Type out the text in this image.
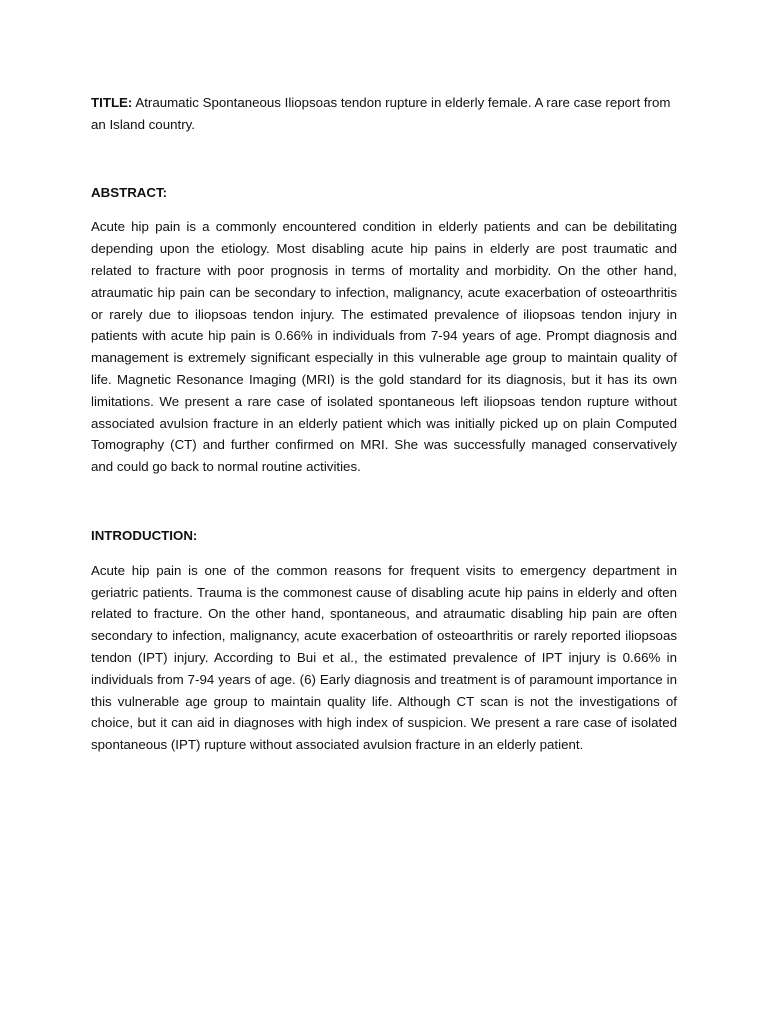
TITLE: Atraumatic Spontaneous Iliopsoas tendon rupture in elderly female. A rare case report from an Island country.

ABSTRACT:

Acute hip pain is a commonly encountered condition in elderly patients and can be debilitating depending upon the etiology. Most disabling acute hip pains in elderly are post traumatic and related to fracture with poor prognosis in terms of mortality and morbidity. On the other hand, atraumatic hip pain can be secondary to infection, malignancy, acute exacerbation of osteoarthritis or rarely due to iliopsoas tendon injury. The estimated prevalence of iliopsoas tendon injury in patients with acute hip pain is 0.66% in individuals from 7-94 years of age. Prompt diagnosis and management is extremely significant especially in this vulnerable age group to maintain quality of life. Magnetic Resonance Imaging (MRI) is the gold standard for its diagnosis, but it has its own limitations. We present a rare case of isolated spontaneous left iliopsoas tendon rupture without associated avulsion fracture in an elderly patient which was initially picked up on plain Computed Tomography (CT) and further confirmed on MRI. She was successfully managed conservatively and could go back to normal routine activities.

INTRODUCTION:

Acute hip pain is one of the common reasons for frequent visits to emergency department in geriatric patients. Trauma is the commonest cause of disabling acute hip pains in elderly and often related to fracture. On the other hand, spontaneous, and atraumatic disabling hip pain are often secondary to infection, malignancy, acute exacerbation of osteoarthritis or rarely reported iliopsoas tendon (IPT) injury. According to Bui et al., the estimated prevalence of IPT injury is 0.66% in individuals from 7-94 years of age. (6) Early diagnosis and treatment is of paramount importance in this vulnerable age group to maintain quality life. Although CT scan is not the investigations of choice, but it can aid in diagnoses with high index of suspicion. We present a rare case of isolated spontaneous (IPT) rupture without associated avulsion fracture in an elderly patient.
